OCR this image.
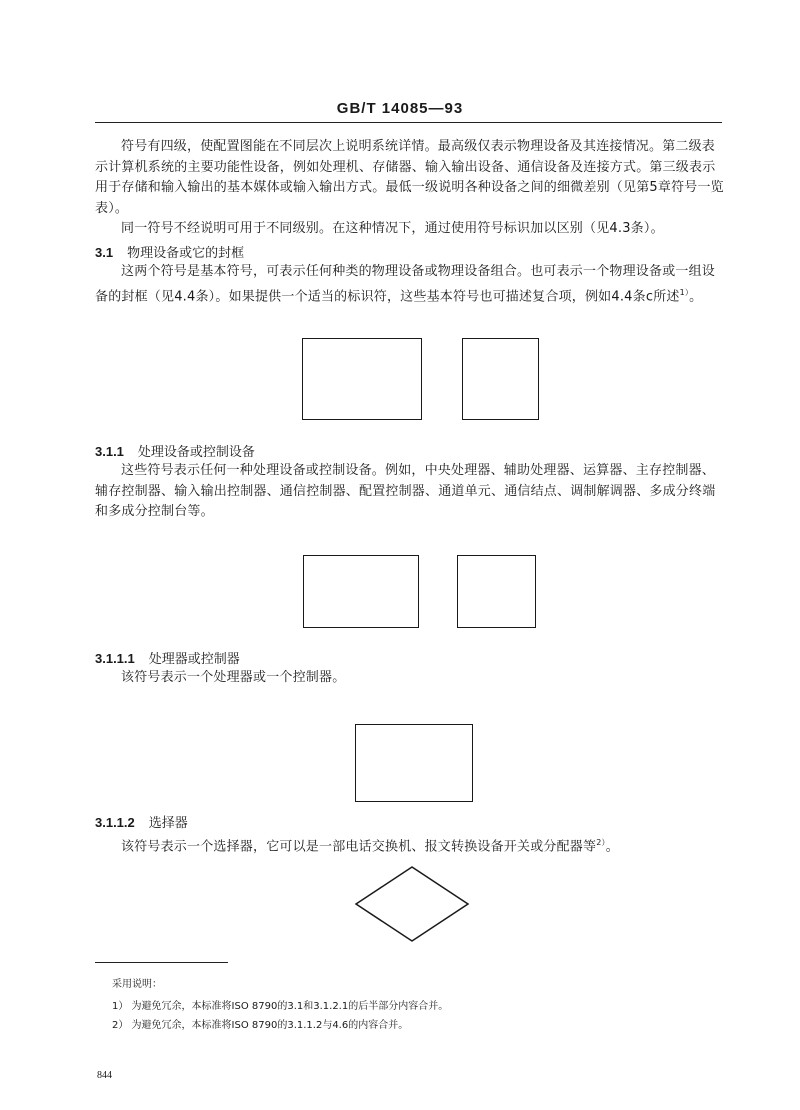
GB/T 14085—93

符号有四级，使配置图能在不同层次上说明系统详情。最高级仅表示物理设备及其连接情况。第二级表示计算机系统的主要功能性设备，例如处理机、存储器、输入输出设备、通信设备及连接方式。第三级表示用于存储和输入输出的基本媒体或输入输出方式。最低一级说明各种设备之间的细微差别（见第5章符号一览表）。

同一符号不经说明可用于不同级别。在这种情况下，通过使用符号标识加以区别（见4.3条）。

3.1 物理设备或它的封框

这两个符号是基本符号，可表示任何种类的物理设备或物理设备组合。也可表示一个物理设备或一组设备的封框（见4.4条）。如果提供一个适当的标识符，这些基本符号也可描述复合项，例如4.4条c所述$^{1)}$。

3.1.1 处理设备或控制设备

这些符号表示任何一种处理设备或控制设备。例如，中央处理器、辅助处理器、运算器、主存控制器、辅存控制器、输入输出控制器、通信控制器、配置控制器、通道单元、通信结点、调制解调器、多成分终端和多成分控制台等。

3.1.1.1 处理器或控制器

该符号表示一个处理器或一个控制器。

3.1.1.2 选择器

该符号表示一个选择器，它可以是一部电话交换机、报文转换设备开关或分配器等$^{2)}$。

采用说明：
1） 为避免冗余，本标准将ISO 8790的3.1和3.1.2.1的后半部分内容合并。
2） 为避免冗余，本标准将ISO 8790的3.1.1.2与4.6的内容合并。
844
